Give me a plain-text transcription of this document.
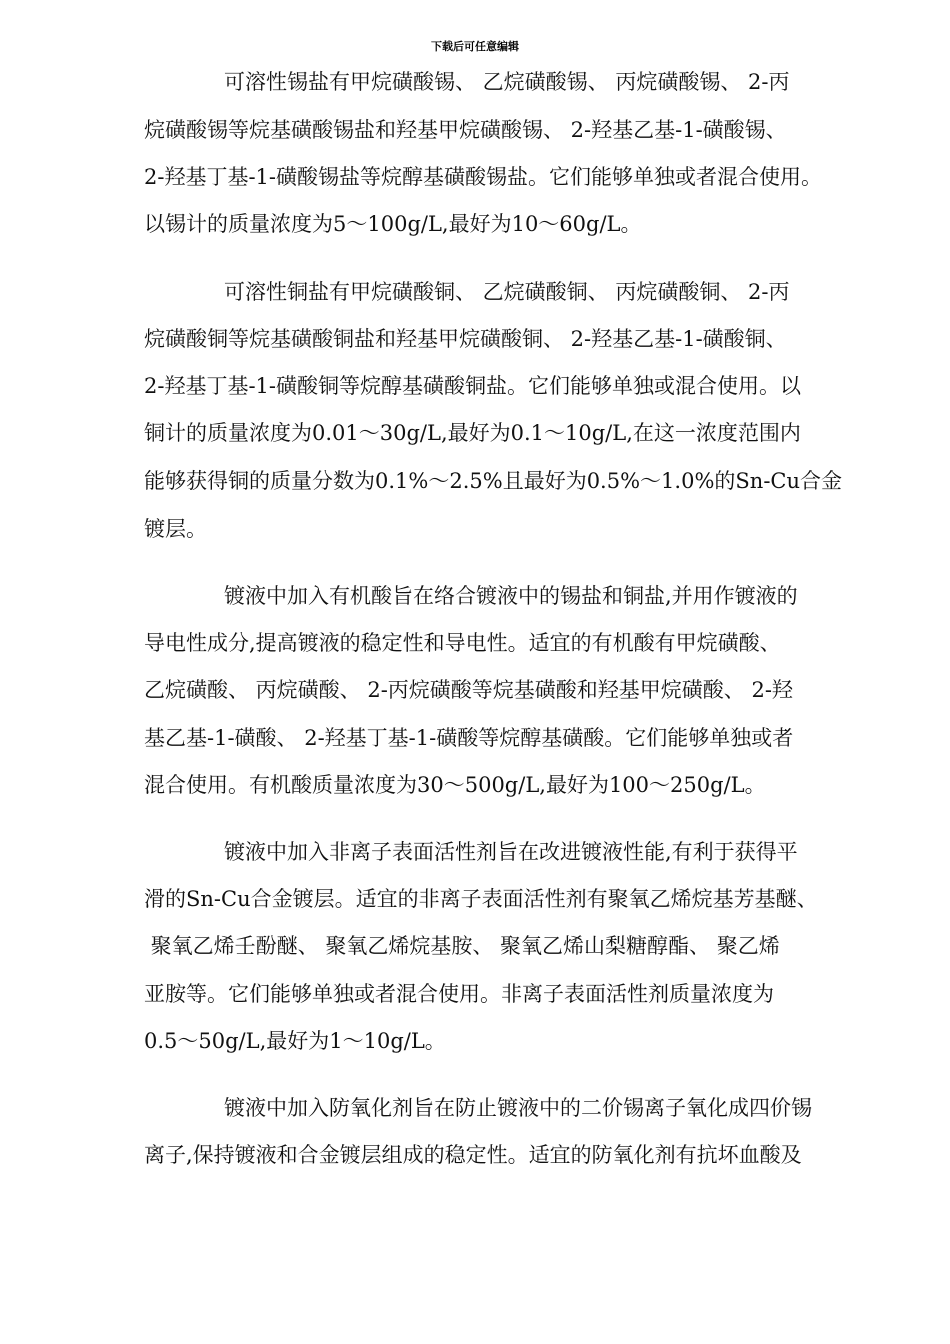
下载后可任意编辑
可溶性锡盐有甲烷磺酸锡、 乙烷磺酸锡、 丙烷磺酸锡、 2-丙
烷磺酸锡等烷基磺酸锡盐和羟基甲烷磺酸锡、 2-羟基乙基-1-磺酸锡、
2-羟基丁基-1-磺酸锡盐等烷醇基磺酸锡盐。它们能够单独或者混合使用。
以锡计的质量浓度为5～100g/L,最好为10～60g/L。
可溶性铜盐有甲烷磺酸铜、 乙烷磺酸铜、 丙烷磺酸铜、 2-丙
烷磺酸铜等烷基磺酸铜盐和羟基甲烷磺酸铜、 2-羟基乙基-1-磺酸铜、
2-羟基丁基-1-磺酸铜等烷醇基磺酸铜盐。它们能够单独或混合使用。以
铜计的质量浓度为0.01～30g/L,最好为0.1～10g/L,在这一浓度范围内
能够获得铜的质量分数为0.1%～2.5%且最好为0.5%～1.0%的Sn-Cu合金
镀层。
镀液中加入有机酸旨在络合镀液中的锡盐和铜盐,并用作镀液的
导电性成分,提高镀液的稳定性和导电性。适宜的有机酸有甲烷磺酸、
乙烷磺酸、 丙烷磺酸、 2-丙烷磺酸等烷基磺酸和羟基甲烷磺酸、 2-羟
基乙基-1-磺酸、 2-羟基丁基-1-磺酸等烷醇基磺酸。它们能够单独或者
混合使用。有机酸质量浓度为30～500g/L,最好为100～250g/L。
镀液中加入非离子表面活性剂旨在改进镀液性能,有利于获得平
滑的Sn-Cu合金镀层。适宜的非离子表面活性剂有聚氧乙烯烷基芳基醚、
聚氧乙烯壬酚醚、 聚氧乙烯烷基胺、 聚氧乙烯山梨糖醇酯、 聚乙烯
亚胺等。它们能够单独或者混合使用。非离子表面活性剂质量浓度为
0.5～50g/L,最好为1～10g/L。
镀液中加入防氧化剂旨在防止镀液中的二价锡离子氧化成四价锡
离子,保持镀液和合金镀层组成的稳定性。适宜的防氧化剂有抗坏血酸及
